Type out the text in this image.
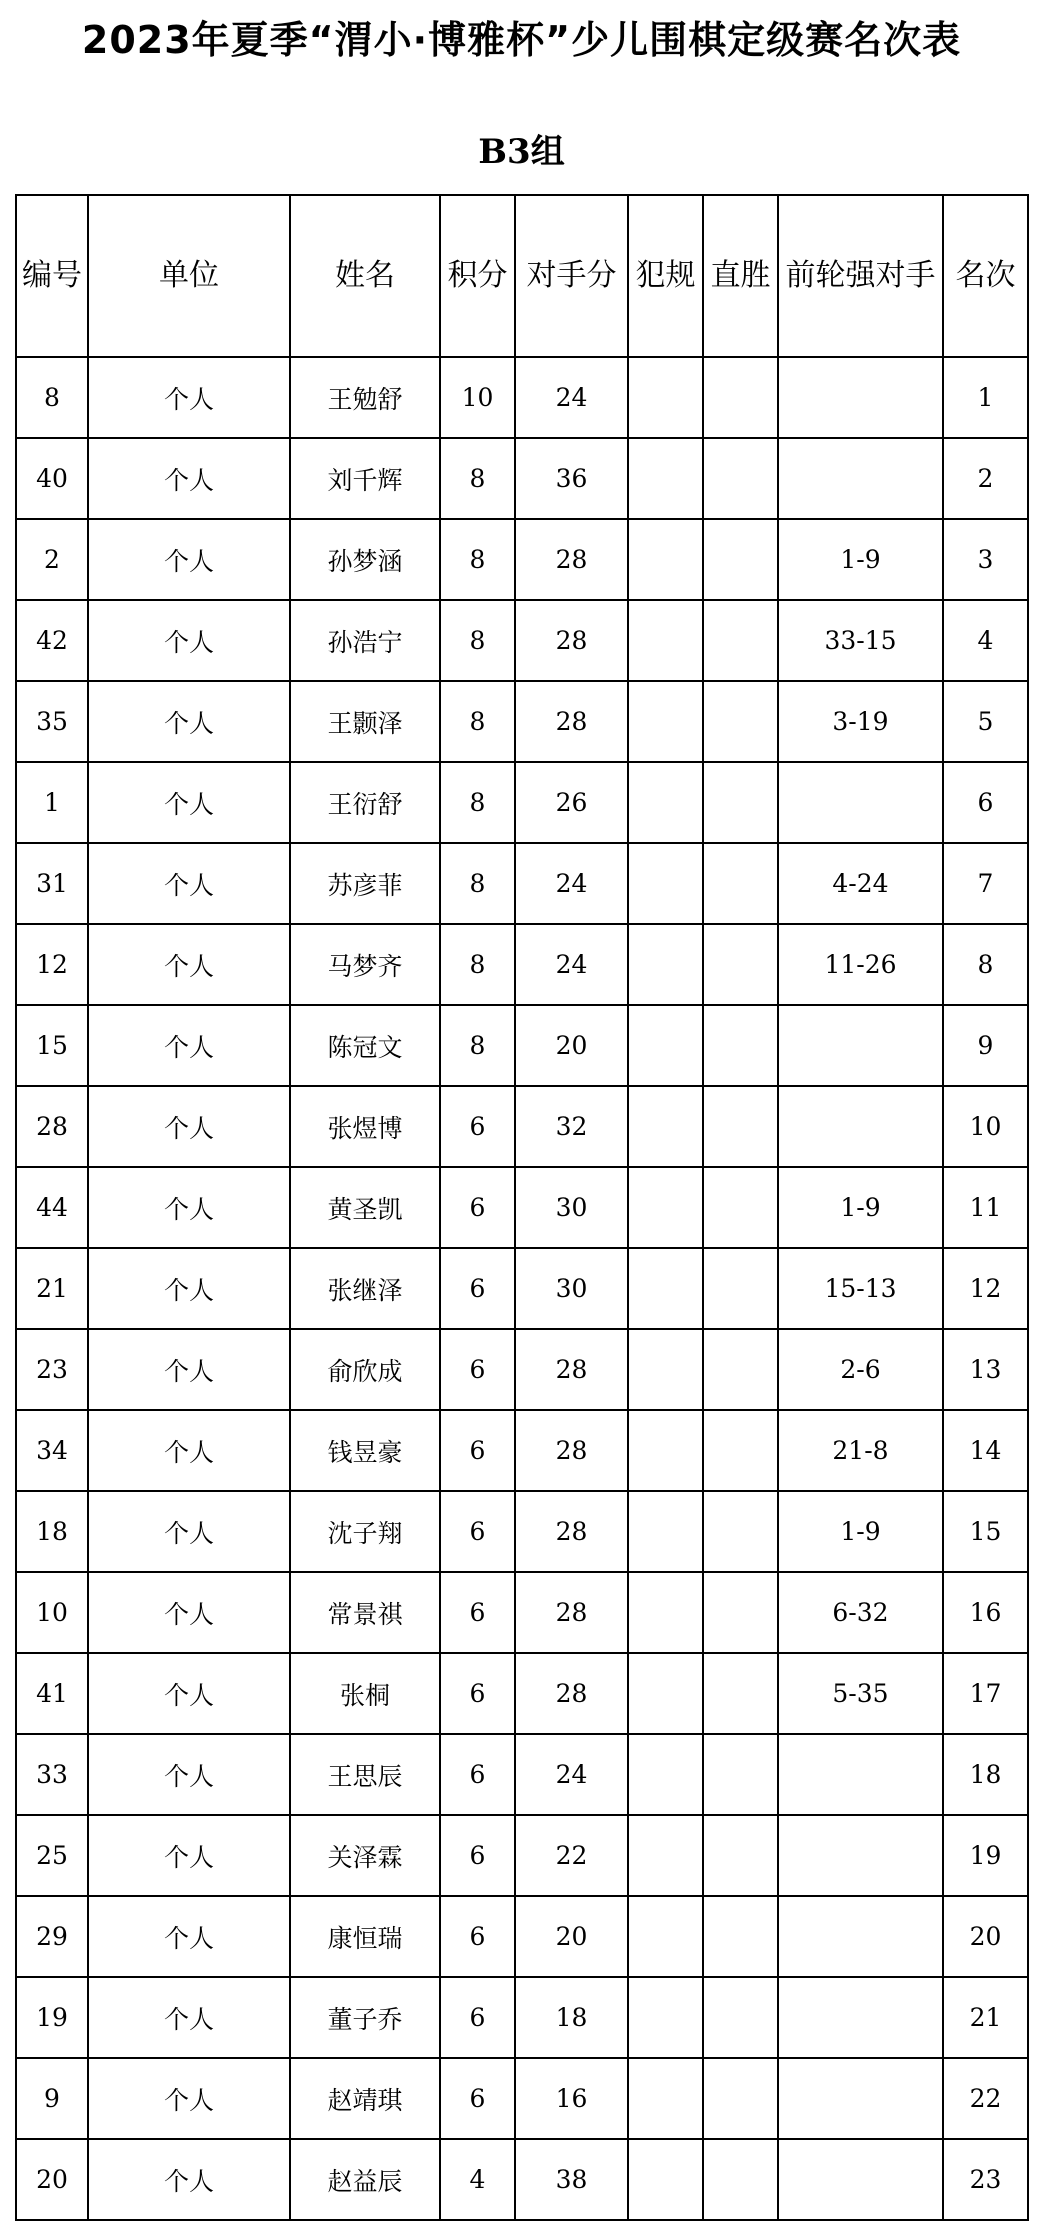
2023年夏季“渭小·博雅杯”少儿围棋定级赛名次表
B3组
编号	单位	姓名	积分	对手分	犯规	直胜	前轮强对手	名次
8	个人	王勉舒	10	24				1
40	个人	刘千辉	8	36				2
2	个人	孙梦涵	8	28			1-9	3
42	个人	孙浩宁	8	28			33-15	4
35	个人	王颢泽	8	28			3-19	5
1	个人	王衍舒	8	26				6
31	个人	苏彦菲	8	24			4-24	7
12	个人	马梦齐	8	24			11-26	8
15	个人	陈冠文	8	20				9
28	个人	张煜博	6	32				10
44	个人	黄圣凯	6	30			1-9	11
21	个人	张继泽	6	30			15-13	12
23	个人	俞欣成	6	28			2-6	13
34	个人	钱昱豪	6	28			21-8	14
18	个人	沈子翔	6	28			1-9	15
10	个人	常景祺	6	28			6-32	16
41	个人	张桐	6	28			5-35	17
33	个人	王思辰	6	24				18
25	个人	关泽霖	6	22				19
29	个人	康恒瑞	6	20				20
19	个人	董子乔	6	18				21
9	个人	赵靖琪	6	16				22
20	个人	赵益辰	4	38				23
